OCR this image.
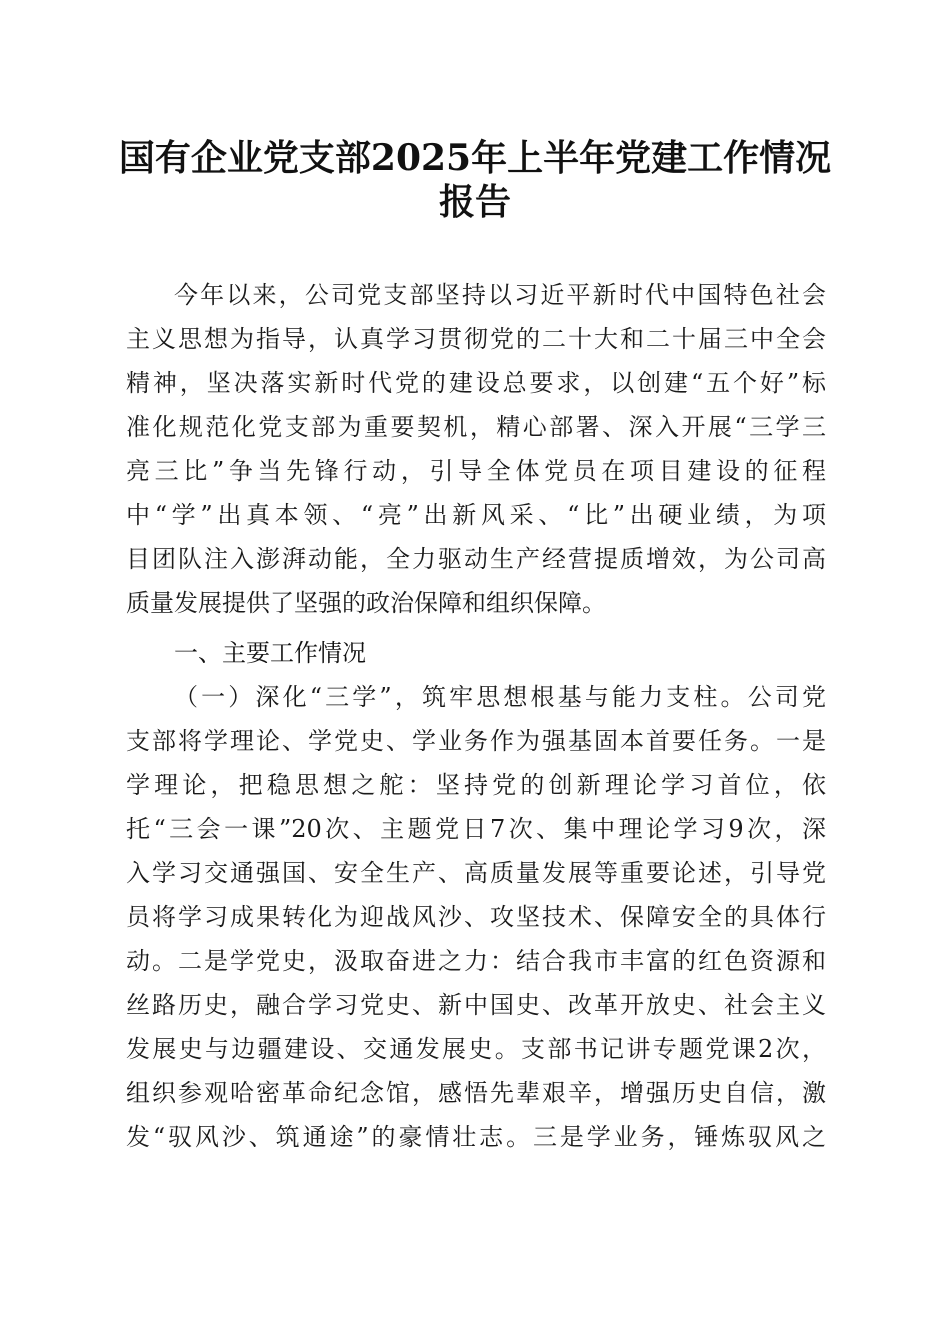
国有企业党支部2025年上半年党建工作情况
报告
今年以来，公司党支部坚持以习近平新时代中国特色社会
主义思想为指导，认真学习贯彻党的二十大和二十届三中全会
精神，坚决落实新时代党的建设总要求，以创建“五个好”标
准化规范化党支部为重要契机，精心部署、深入开展“三学三
亮三比”争当先锋行动，引导全体党员在项目建设的征程
中“学”出真本领、“亮”出新风采、“比”出硬业绩，为项
目团队注入澎湃动能，全力驱动生产经营提质增效，为公司高
质量发展提供了坚强的政治保障和组织保障。
一、主要工作情况
（一）深化“三学”，筑牢思想根基与能力支柱。公司党
支部将学理论、学党史、学业务作为强基固本首要任务。一是
学理论，把稳思想之舵：坚持党的创新理论学习首位，依
托“三会一课”20次、主题党日7次、集中理论学习9次，深
入学习交通强国、安全生产、高质量发展等重要论述，引导党
员将学习成果转化为迎战风沙、攻坚技术、保障安全的具体行
动。二是学党史，汲取奋进之力：结合我市丰富的红色资源和
丝路历史，融合学习党史、新中国史、改革开放史、社会主义
发展史与边疆建设、交通发展史。支部书记讲专题党课2次，
组织参观哈密革命纪念馆，感悟先辈艰辛，增强历史自信，激
发“驭风沙、筑通途”的豪情壮志。三是学业务，锤炼驭风之
